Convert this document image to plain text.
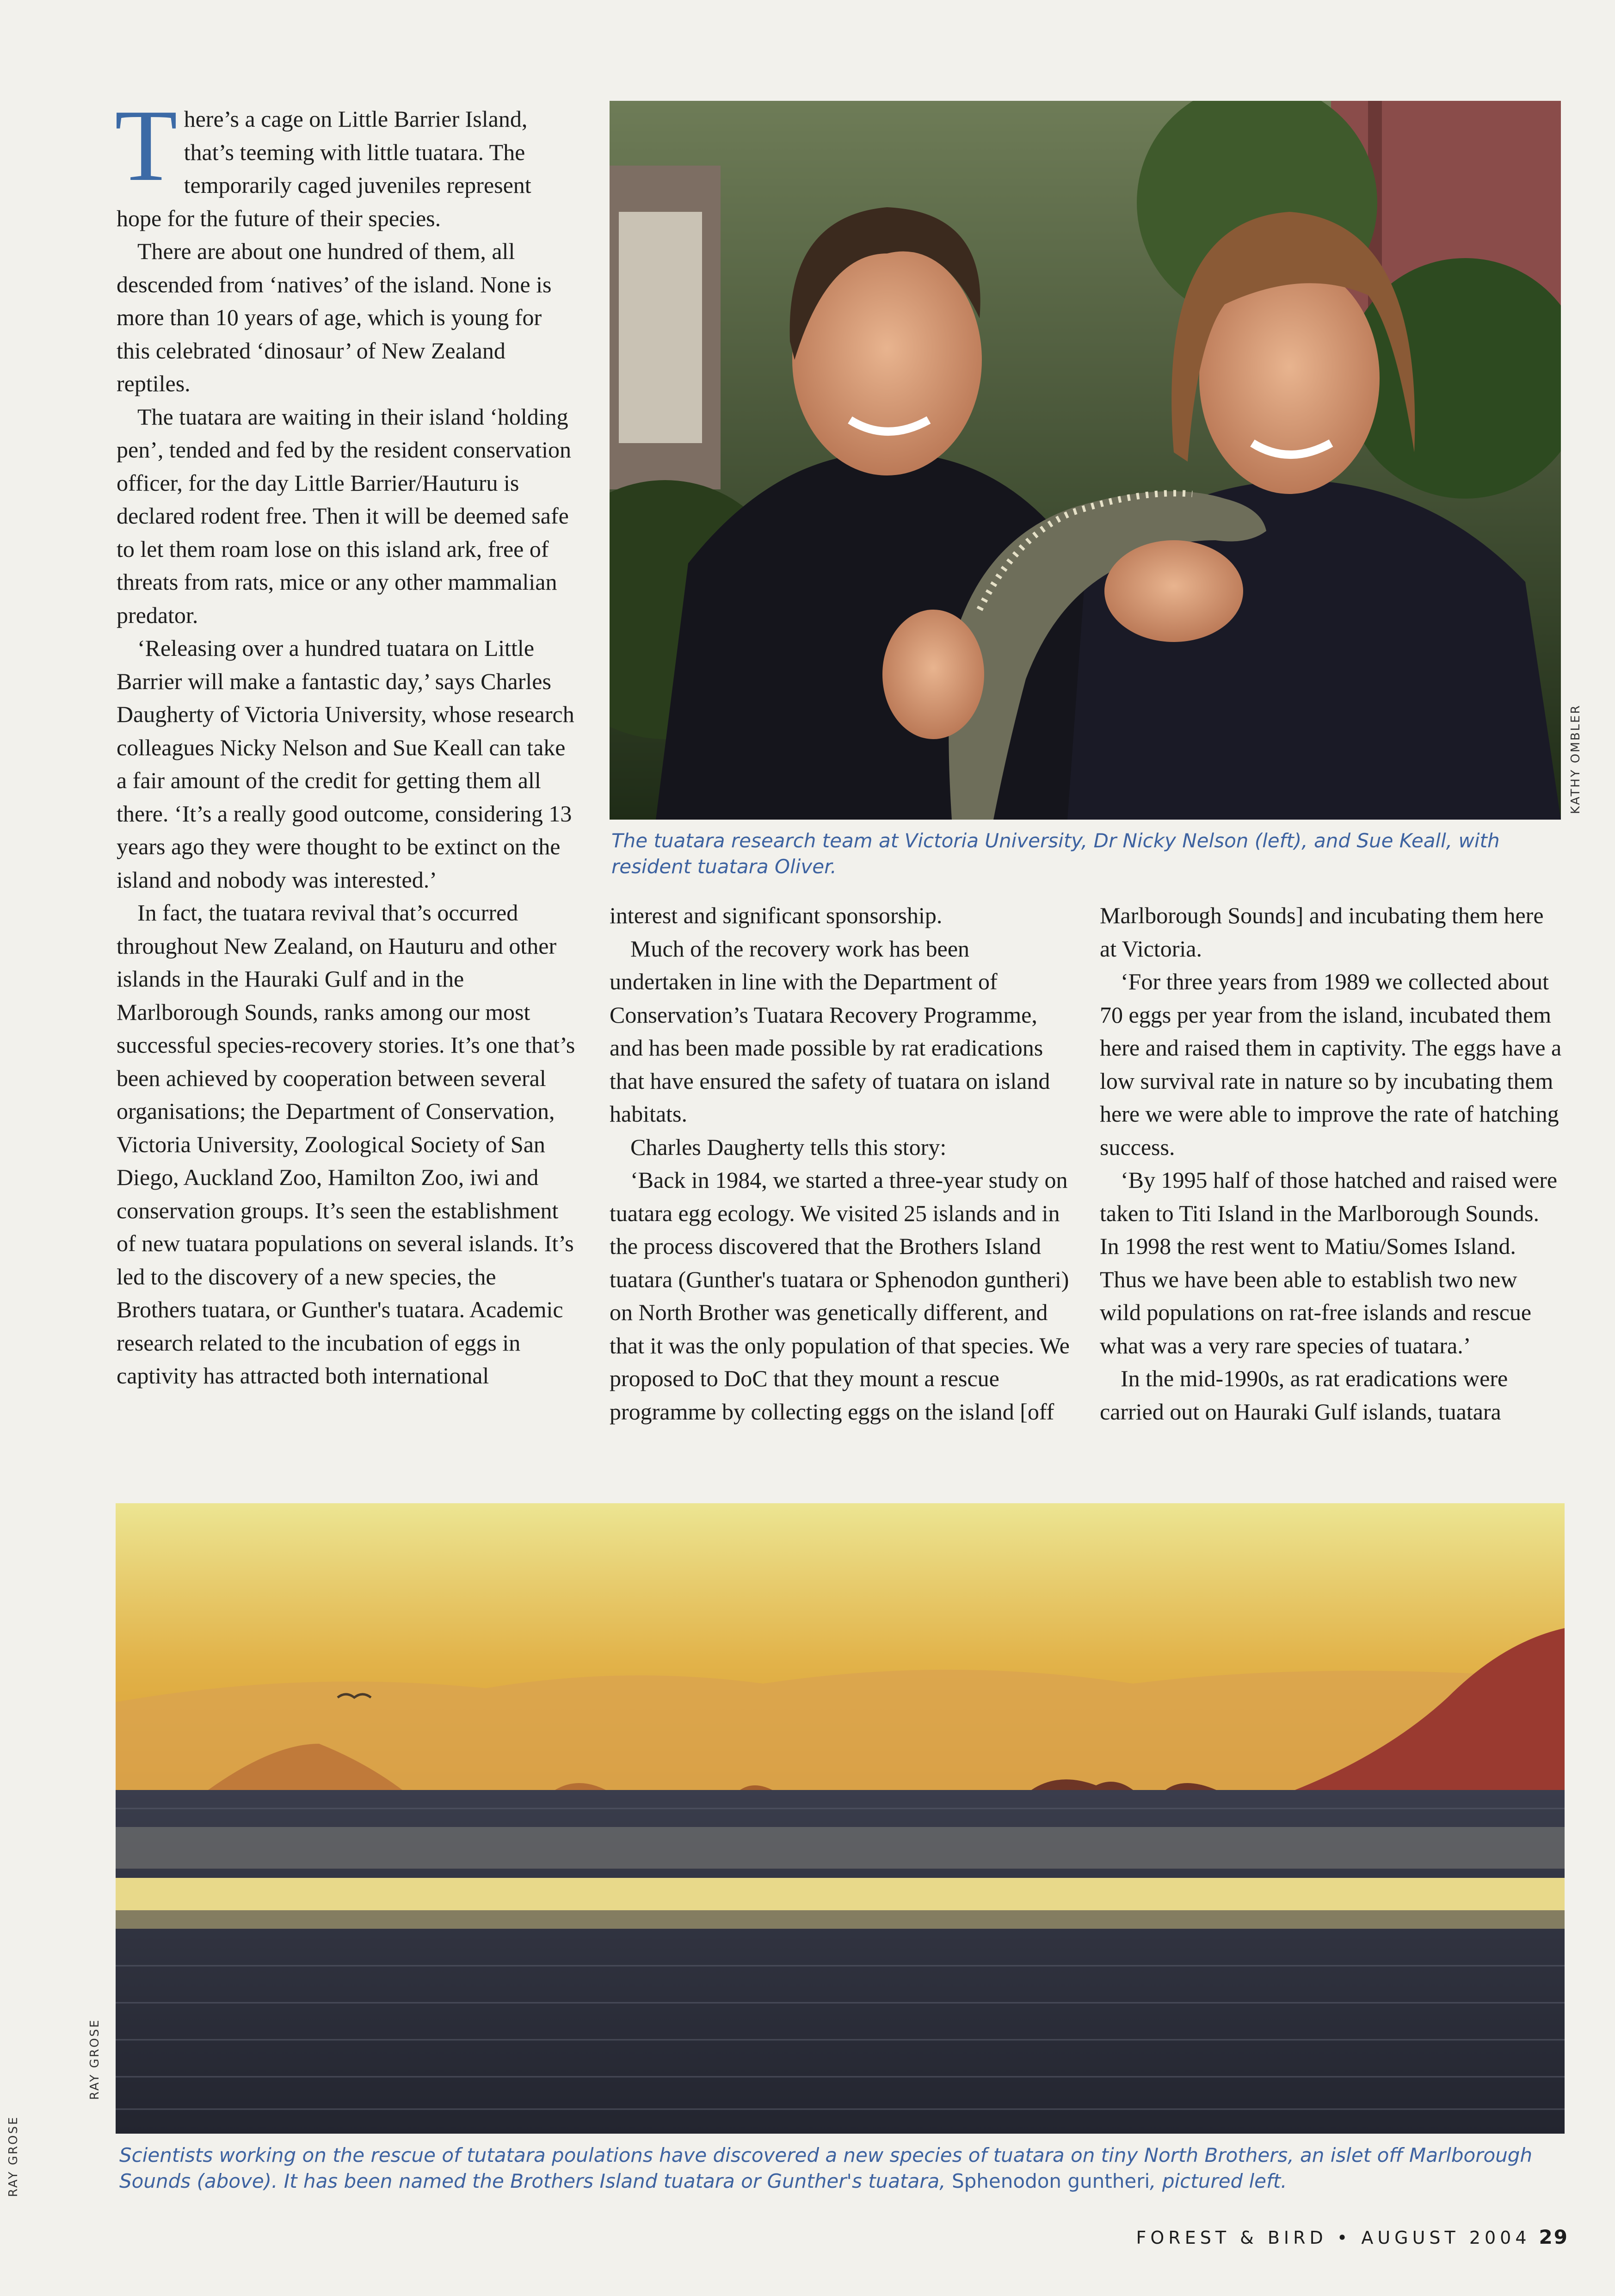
There’s a cage on Little Barrier Island, that’s teeming with little tuatara. The temporarily caged juveniles represent hope for the future of their species.

There are about one hundred of them, all descended from ‘natives’ of the island. None is more than 10 years of age, which is young for this celebrated ‘dinosaur’ of New Zealand reptiles.

The tuatara are waiting in their island ‘holding pen’, tended and fed by the resident conservation officer, for the day Little Barrier/Hauturu is declared rodent free. Then it will be deemed safe to let them roam lose on this island ark, free of threats from rats, mice or any other mammalian predator.

‘Releasing over a hundred tuatara on Little Barrier will make a fantastic day,’ says Charles Daugherty of Victoria University, whose research colleagues Nicky Nelson and Sue Keall can take a fair amount of the credit for getting them all there. ‘It’s a really good outcome, considering 13 years ago they were thought to be extinct on the island and nobody was interested.’

In fact, the tuatara revival that’s occurred throughout New Zealand, on Hauturu and other islands in the Hauraki Gulf and in the Marlborough Sounds, ranks among our most successful species-recovery stories. It’s one that’s been achieved by cooperation between several organisations; the Department of Conservation, Victoria University, Zoological Society of San Diego, Auckland Zoo, Hamilton Zoo, iwi and conservation groups. It’s seen the establishment of new tuatara populations on several islands. It’s led to the discovery of a new species, the Brothers tuatara, or Gunther's tuatara. Academic research related to the incubation of eggs in captivity has attracted both international

KATHY OMBLER
The tuatara research team at Victoria University, Dr Nicky Nelson (left), and Sue Keall, with resident tuatara Oliver.

interest and significant sponsorship.

Much of the recovery work has been undertaken in line with the Department of Conservation’s Tuatara Recovery Programme, and has been made possible by rat eradications that have ensured the safety of tuatara on island habitats.

Charles Daugherty tells this story:

‘Back in 1984, we started a three-year study on tuatara egg ecology. We visited 25 islands and in the process discovered that the Brothers Island tuatara (Gunther's tuatara or Sphenodon guntheri) on North Brother was genetically different, and that it was the only population of that species. We proposed to DoC that they mount a rescue programme by collecting eggs on the island [off

Marlborough Sounds] and incubating them here at Victoria.

‘For three years from 1989 we collected about 70 eggs per year from the island, incubated them here and raised them in captivity. The eggs have a low survival rate in nature so by incubating them here we were able to improve the rate of hatching success.

‘By 1995 half of those hatched and raised were taken to Titi Island in the Marlborough Sounds. In 1998 the rest went to Matiu/Somes Island. Thus we have been able to establish two new wild populations on rat-free islands and rescue what was a very rare species of tuatara.’

In the mid-1990s, as rat eradications were carried out on Hauraki Gulf islands, tuatara

RAY GROSE
RAY GROSE	Scientists working on the rescue of tutatara poulations have discovered a new species of tuatara on tiny North Brothers, an islet off Marlborough Sounds (above). It has been named the Brothers Island tuatara or Gunther's tuatara, Sphenodon guntheri, pictured left.
FOREST & BIRD • AUGUST 2004 29
